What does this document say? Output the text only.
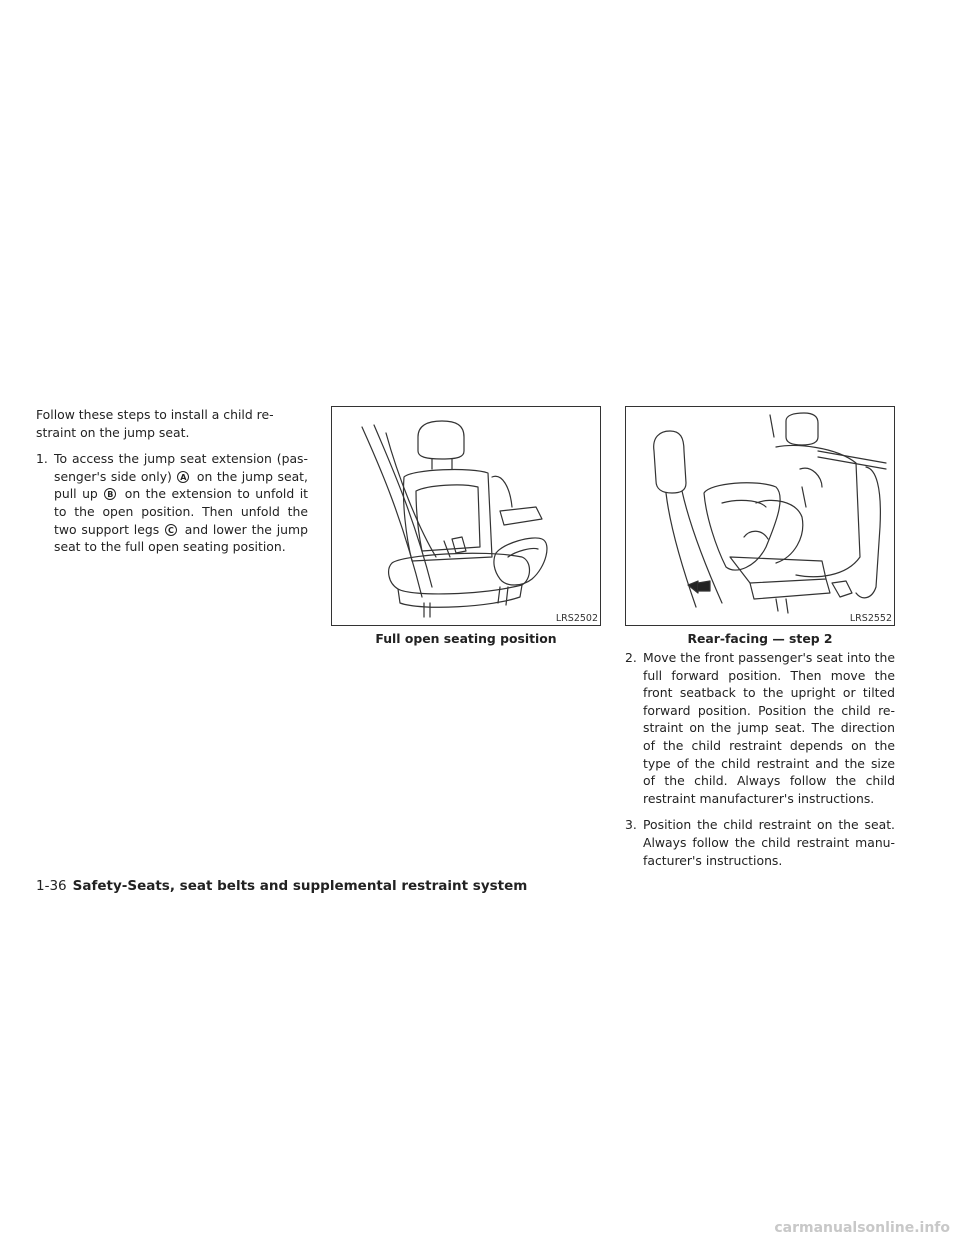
Follow these steps to install a child re-straint on the jump seat.

1. To access the jump seat extension (pas-senger's side only) A on the jump seat, pull up B on the extension to unfold it to the open position. Then unfold the two support legs C and lower the jump seat to the full open seating position.
LRS2502
Full open seating position
LRS2552
Rear-facing — step 2
2. Move the front passenger's seat into the full forward position. Then move the front seatback to the upright or tilted forward position. Position the child re-straint on the jump seat. The direction of the child restraint depends on the type of the child restraint and the size of the child. Always follow the child restraint manufacturer's instructions.
3. Position the child restraint on the seat. Always follow the child restraint manu-facturer's instructions.
1-36 Safety-Seats, seat belts and supplemental restraint system
carmanualsonline.info
